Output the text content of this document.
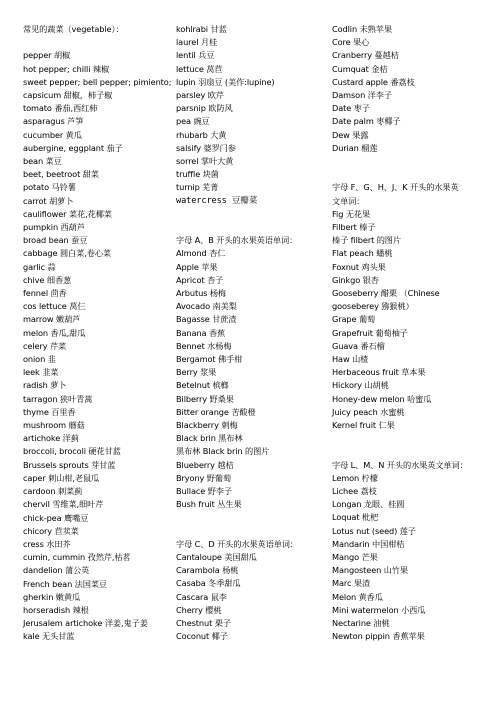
常见的蔬菜（vegetable）：
pepper 胡椒
hot pepper; chilli 辣椒
sweet pepper; bell pepper; pimiento;
capsicum 甜椒，柿子椒
tomato 番茄,西红柿
asparagus 芦笋
cucumber 黄瓜
aubergine, eggplant 茄子
bean 菜豆
beet, beetroot 甜菜
potato 马铃薯
carrot 胡萝卜
cauliflower 菜花,花椰菜
pumpkin 西葫芦
broad bean 蚕豆
cabbage 圆白菜,卷心菜
garlic 蒜
chive 细香葱
fennel 茴香
cos lettuce 莴仨
marrow 嫩葫芦
melon 香瓜,甜瓜
celery 芹菜
onion 韭
leek 韭菜
radish 萝卜
tarragon 狭叶青蒿
thyme 百里香
mushroom 蘑菇
artichoke 洋蓟
broccoli, brocoli 硬花甘蓝
Brussels sprouts 芽甘蓝
caper 刺山柑,老鼠瓜
cardoon 刺菜蓟
chervil 雪维菜,细叶芹
chick-pea 鹰嘴豆
chicory 苣荬菜
cress 水田芥
cumin, cummin 孜然芹,枯茗
dandelion 蒲公英
French bean 法国菜豆
gherkin 嫩黄瓜
horseradish 辣根
Jerusalem artichoke 洋姜,鬼子姜
kale 无头甘蓝
kohlrabi 甘蓝
laurel 月桂
lentil 兵豆
lettuce 莴苣
lupin 羽扇豆 (美作:lupine)
parsley 欧芹
parsnip 欧防风
pea 豌豆
rhubarb 大黄
salsify 婆罗门参
sorrel 掌叶大黄
truffle 块菌
turnip 芜菁
watercress 豆瓣菜
字母 A、B 开头的水果英语单词：
Almond 杏仁
Apple 苹果
Apricot 杏子
Arbutus 杨梅
Avocado 南美梨
Bagasse 甘蔗渣
Banana 香蕉
Bennet 水杨梅
Bergamot 佛手柑
Berry 浆果
Betelnut 槟榔
Bilberry 野桑果
Bitter orange 苦酸橙
Blackberry 刺梅
Black brin 黑布林
黑布林 Black brin 的图片
Blueberry 越桔
Bryony 野葡萄
Bullace 野李子
Bush fruit 丛生果
字母 C、D 开头的水果英语单词：
Cantaloupe 美国甜瓜
Carambola 杨桃
Casaba 冬季甜瓜
Cascara 鼠李
Cherry 樱桃
Chestnut 栗子
Coconut 椰子
Codlin 未熟苹果
Core 果心
Cranberry 蔓越桔
Cumquat 金桔
Custard apple 番荔枝
Damson 洋李子
Date 枣子
Date palm 枣椰子
Dew 果露
Durian 榴莲
字母 F、G、H、J、K 开头的水果英
文单词：
Fig 无花果
Filbert 榛子
榛子 filbert 的图片
Flat peach 蟠桃
Foxnut 鸡头果
Ginkgo 银杏
Gooseberry 醋栗 （Chinese
gooseberey 猕猴桃）
Grape 葡萄
Grapefruit 葡萄柚子
Guava 番石榴
Haw 山楂
Herbaceous fruit 草本果
Hickory 山胡桃
Honey-dew melon 哈蜜瓜
Juicy peach 水蜜桃
Kernel fruit 仁果
字母 L、M、N 开头的水果英文单词：
Lemon 柠檬
Lichee 荔枝
Longan 龙眼、桂圆
Loquat 枇杷
Lotus nut (seed) 莲子
Mandarin 中国柑桔
Mango 芒果
Mangosteen 山竹果
Marc 果渣
Melon 黄香瓜
Mini watermelon 小西瓜
Nectarine 油桃
Newton pippin 香蕉苹果
